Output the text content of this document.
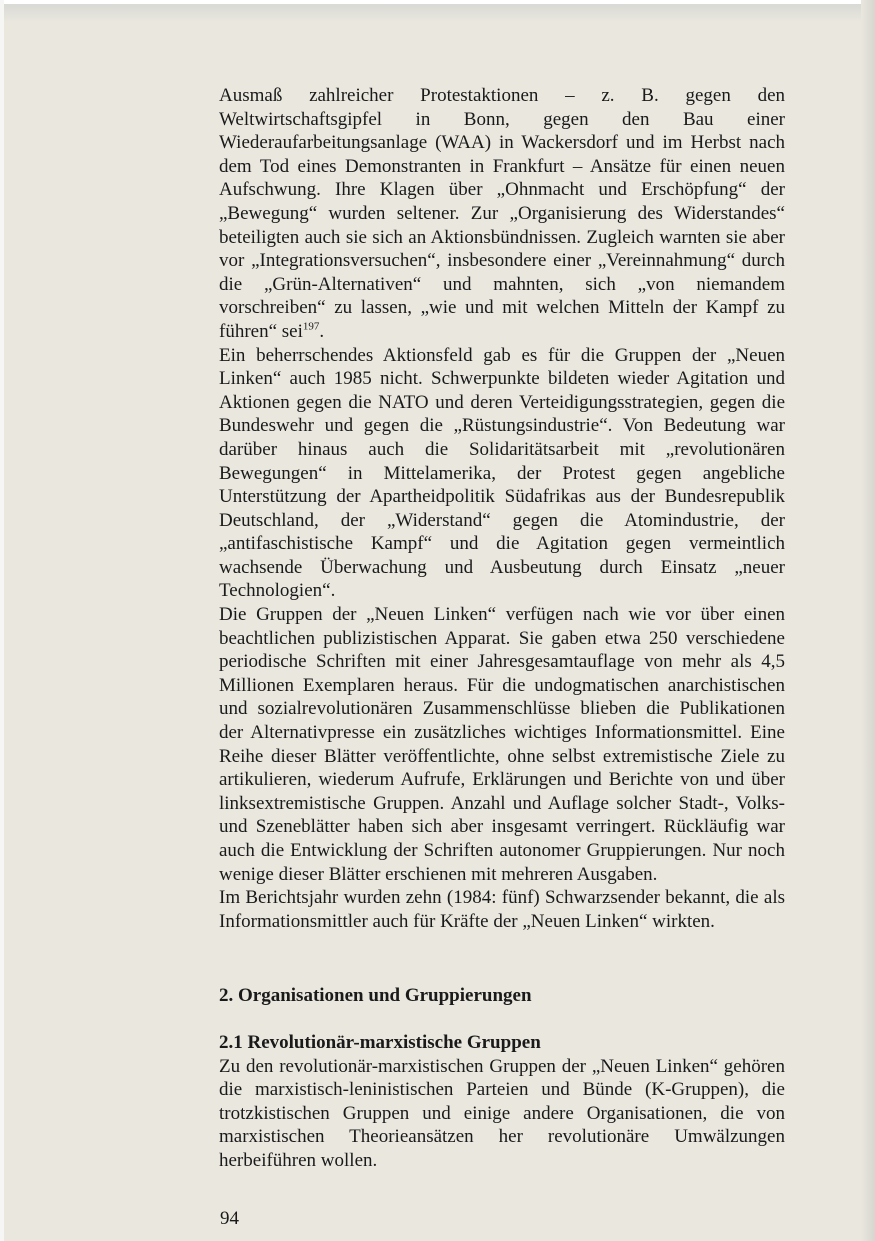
Ausmaß zahlreicher Protestaktionen – z. B. gegen den Weltwirtschaftsgipfel in Bonn, gegen den Bau einer Wiederaufarbeitungsanlage (WAA) in Wackersdorf und im Herbst nach dem Tod eines Demonstranten in Frankfurt – Ansätze für einen neuen Aufschwung. Ihre Klagen über „Ohnmacht und Erschöpfung“ der „Bewegung“ wurden seltener. Zur „Organisierung des Widerstandes“ beteiligten auch sie sich an Aktionsbündnissen. Zugleich warnten sie aber vor „Integrationsversuchen“, insbesondere einer „Vereinnahmung“ durch die „Grün-Alternativen“ und mahnten, sich „von niemandem vorschreiben“ zu lassen, „wie und mit welchen Mitteln der Kampf zu führen“ sei$^{197}$.

Ein beherrschendes Aktionsfeld gab es für die Gruppen der „Neuen Linken“ auch 1985 nicht. Schwerpunkte bildeten wieder Agitation und Aktionen gegen die NATO und deren Verteidigungsstrategien, gegen die Bundeswehr und gegen die „Rüstungsindustrie“. Von Bedeutung war darüber hinaus auch die Solidaritätsarbeit mit „revolutionären Bewegungen“ in Mittelamerika, der Protest gegen angebliche Unterstützung der Apartheidpolitik Südafrikas aus der Bundesrepublik Deutschland, der „Widerstand“ gegen die Atomindustrie, der „antifaschistische Kampf“ und die Agitation gegen vermeintlich wachsende Überwachung und Ausbeutung durch Einsatz „neuer Technologien“.

Die Gruppen der „Neuen Linken“ verfügen nach wie vor über einen beachtlichen publizistischen Apparat. Sie gaben etwa 250 verschiedene periodische Schriften mit einer Jahresgesamtauflage von mehr als 4,5 Millionen Exemplaren heraus. Für die undogmatischen anarchistischen und sozialrevolutionären Zusammenschlüsse blieben die Publikationen der Alternativpresse ein zusätzliches wichtiges Informationsmittel. Eine Reihe dieser Blätter veröffentlichte, ohne selbst extremistische Ziele zu artikulieren, wiederum Aufrufe, Erklärungen und Berichte von und über linksextremistische Gruppen. Anzahl und Auflage solcher Stadt-, Volks- und Szeneblätter haben sich aber insgesamt verringert. Rückläufig war auch die Entwicklung der Schriften autonomer Gruppierungen. Nur noch wenige dieser Blätter erschienen mit mehreren Ausgaben.

Im Berichtsjahr wurden zehn (1984: fünf) Schwarzsender bekannt, die als Informationsmittler auch für Kräfte der „Neuen Linken“ wirkten.

2. Organisationen und Gruppierungen
2.1 Revolutionär-marxistische Gruppen

Zu den revolutionär-marxistischen Gruppen der „Neuen Linken“ gehören die marxistisch-leninistischen Parteien und Bünde (K-Gruppen), die trotzkistischen Gruppen und einige andere Organisationen, die von marxistischen Theorieansätzen her revolutionäre Umwälzungen herbeiführen wollen.

94
